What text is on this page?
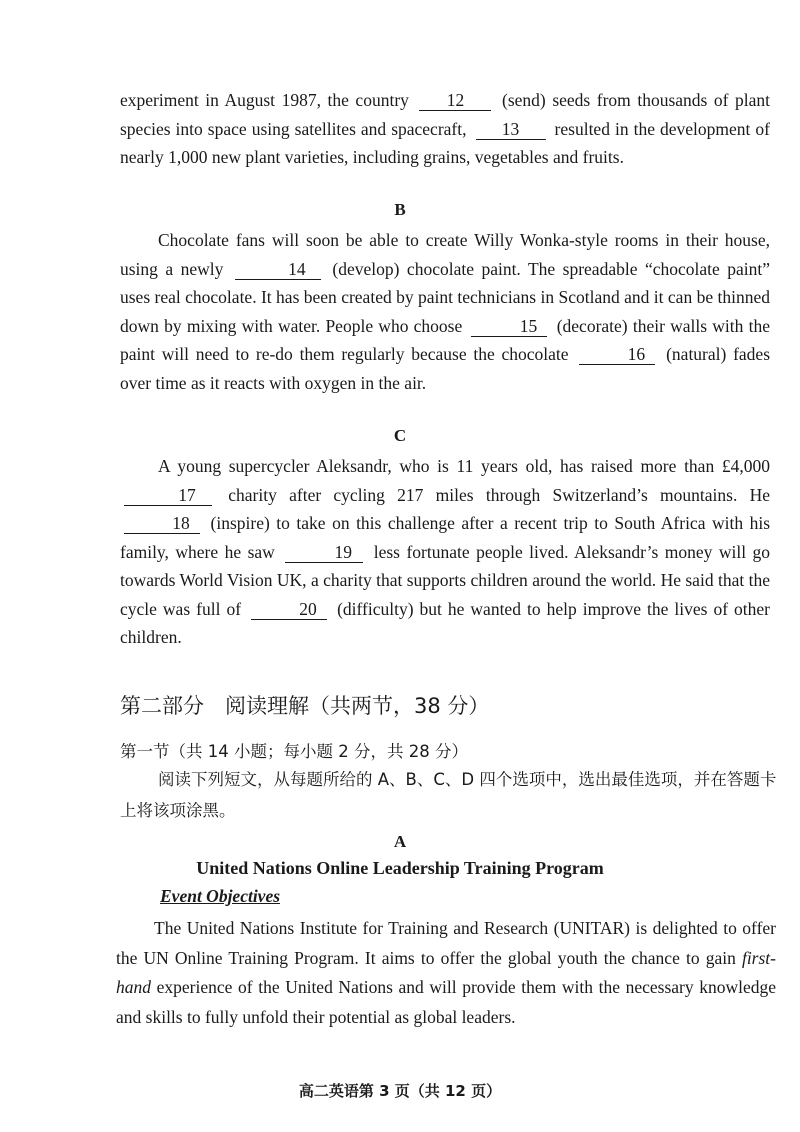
experiment in August 1987, the country 12 (send) seeds from thousands of plant species into space using satellites and spacecraft, 13 resulted in the development of nearly 1,000 new plant varieties, including grains, vegetables and fruits.

B

Chocolate fans will soon be able to create Willy Wonka-style rooms in their house, using a newly	14 (develop) chocolate paint. The spreadable “chocolate paint” uses real chocolate. It has been created by paint technicians in Scotland and it can be thinned down by mixing with water. People who choose	15 (decorate) their walls with the paint will need to re-do them regularly because the chocolate	16 (natural) fades over time as it reacts with oxygen in the air.

C

A young supercycler Aleksandr, who is 11 years old, has raised more than £4,000 17 charity after cycling 217 miles through Switzerland’s mountains. He 18 (inspire) to take on this challenge after a recent trip to South Africa with his family, where he saw	19 less fortunate people lived. Aleksandr’s money will go towards World Vision UK, a charity that supports children around the world. He said that the cycle was full of	20 (difficulty) but he wanted to help improve the lives of other children.

第二部分　阅读理解（共两节，38 分）

第一节（共 14 小题；每小题 2 分，共 28 分）

阅读下列短文，从每题所给的 A、B、C、D 四个选项中，选出最佳选项，并在答题卡上将该项涂黑。

A

United Nations Online Leadership Training Program

Event Objectives

The United Nations Institute for Training and Research (UNITAR) is delighted to offer the UN Online Training Program. It aims to offer the global youth the chance to gain first-hand experience of the United Nations and will provide them with the necessary knowledge and skills to fully unfold their potential as global leaders.

高二英语第 3 页（共 12 页）
